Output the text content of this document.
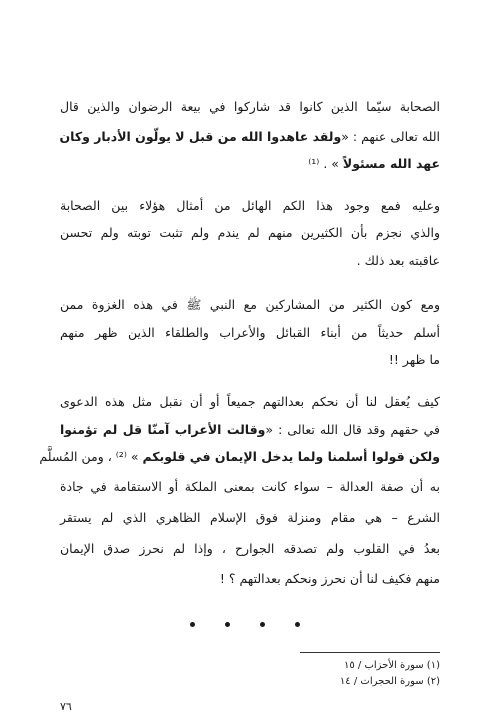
الصحابة سيّما الذين كانوا قد شاركوا في بيعة الرضوان والذين قال
الله تعالى عنهم : «ولقد عاهدوا الله من قبل لا يولّون الأدبار وكان
عهد الله مسئولاً » . ⁽¹⁾
وعليه فمع وجود هذا الكم الهائل من أمثال هؤلاء بين الصحابة
والذي نجزم بأن الكثيرين منهم لم يندم ولم تثبت توبته ولم تحسن
عاقبته بعد ذلك .
ومع كون الكثير من المشاركين مع النبي ﷺ في هذه الغزوة ممن
أسلم حديثاً من أبناء القبائل والأعراب والطلقاء الذين ظهر منهم
ما ظهر !!
كيف يُعقل لنا أن نحكم بعدالتهم جميعاً أو أن نقبل مثل هذه الدعوى
في حقهم وقد قال الله تعالى : «وقالت الأعراب آمنّا قل لم تؤمنوا
ولكن قولوا أسلمنا ولما يدخل الإيمان في قلوبكم » ⁽²⁾ ، ومن المُسلَّم
به أن صفة العدالة – سواء كانت بمعنى الملكة أو الاستقامة في جادة
الشرع – هي مقام ومنزلة فوق الإسلام الظاهري الذي لم يستقر
بعدُ في القلوب ولم تصدقه الجوارح ، وإذا لم نحرز صدق الإيمان
منهم فكيف لنا أن نحرز ونحكم بعدالتهم ؟ !
(١) سورة الأحزاب / ١٥
(٢) سورة الحجرات / ١٤
٧٦
